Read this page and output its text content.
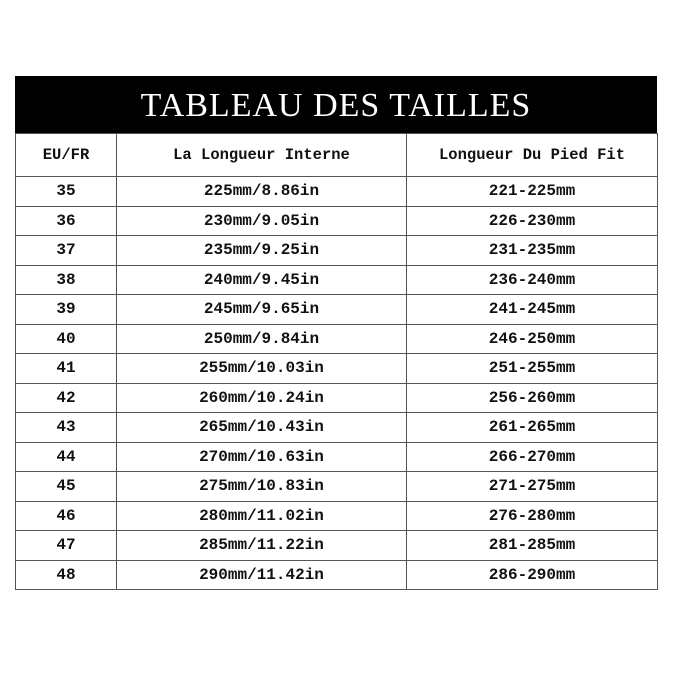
TABLEAU DES TAILLES
EU/FR	La Longueur Interne	Longueur Du Pied Fit
35	225mm/8.86in	221-225mm
36	230mm/9.05in	226-230mm
37	235mm/9.25in	231-235mm
38	240mm/9.45in	236-240mm
39	245mm/9.65in	241-245mm
40	250mm/9.84in	246-250mm
41	255mm/10.03in	251-255mm
42	260mm/10.24in	256-260mm
43	265mm/10.43in	261-265mm
44	270mm/10.63in	266-270mm
45	275mm/10.83in	271-275mm
46	280mm/11.02in	276-280mm
47	285mm/11.22in	281-285mm
48	290mm/11.42in	286-290mm
